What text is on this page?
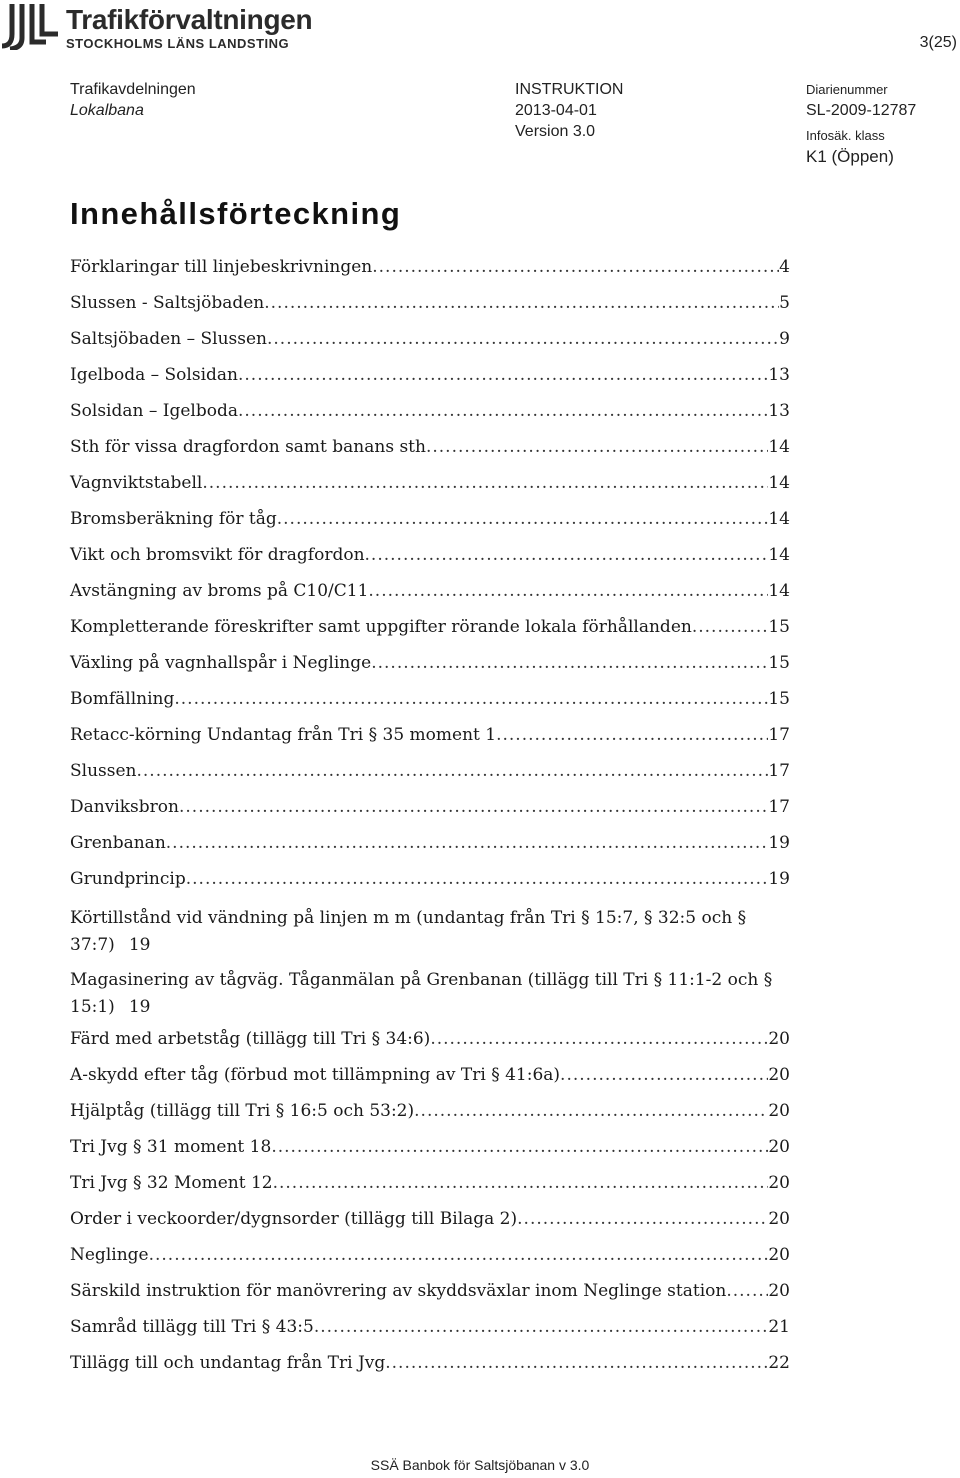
Trafikförvaltningen
STOCKHOLMS LÄNS LANDSTING	3(25)
Trafikavdelningen
Lokalbana
INSTRUKTION
2013-04-01
Version 3.0
Diarienummer
SL-2009-12787
Infosäk. klass
K1 (Öppen)
Innehållsförteckning
Förklaringar till linjebeskrivningen .....	4
Slussen - Saltsjöbaden .....	5
Saltsjöbaden – Slussen .....	9
Igelboda – Solsidan .....	13
Solsidan – Igelboda .....	13
Sth för vissa dragfordon samt banans sth .....	14
Vagnviktstabell .....	14
Bromsberäkning för tåg .....	14
Vikt och bromsvikt för dragfordon .....	14
Avstängning av broms på C10/C11 .....	14
Kompletterande föreskrifter samt uppgifter rörande lokala förhållanden .....	15
Växling på vagnhallspår i Neglinge .....	15
Bomfällning .....	15
Retacc-körning Undantag från Tri § 35 moment 1 .....	17
Slussen .....	17
Danviksbron .....	17
Grenbanan .....	19
Grundprincip .....	19
Körtillstånd vid vändning på linjen m m (undantag från Tri § 15:7, § 32:5 och §
37:7) 19
Magasinering av tågväg. Tåganmälan på Grenbanan (tillägg till Tri § 11:1-2 och §
15:1) 19
Färd med arbetståg (tillägg till Tri § 34:6) .....	20
A-skydd efter tåg (förbud mot tillämpning av Tri § 41:6a) .....	20
Hjälptåg (tillägg till Tri § 16:5 och 53:2) .....	20
Tri Jvg § 31 moment 18 .....	20
Tri Jvg § 32 Moment 12 .....	20
Order i veckoorder/dygnsorder (tillägg till Bilaga 2) .....	20
Neglinge .....	20
Särskild instruktion för manövrering av skyddsväxlar inom Neglinge station ..... 20
Samråd tillägg till Tri § 43:5 .....	21
Tillägg till och undantag från Tri Jvg .....	22
SSÄ Banbok för Saltsjöbanan v 3.0
